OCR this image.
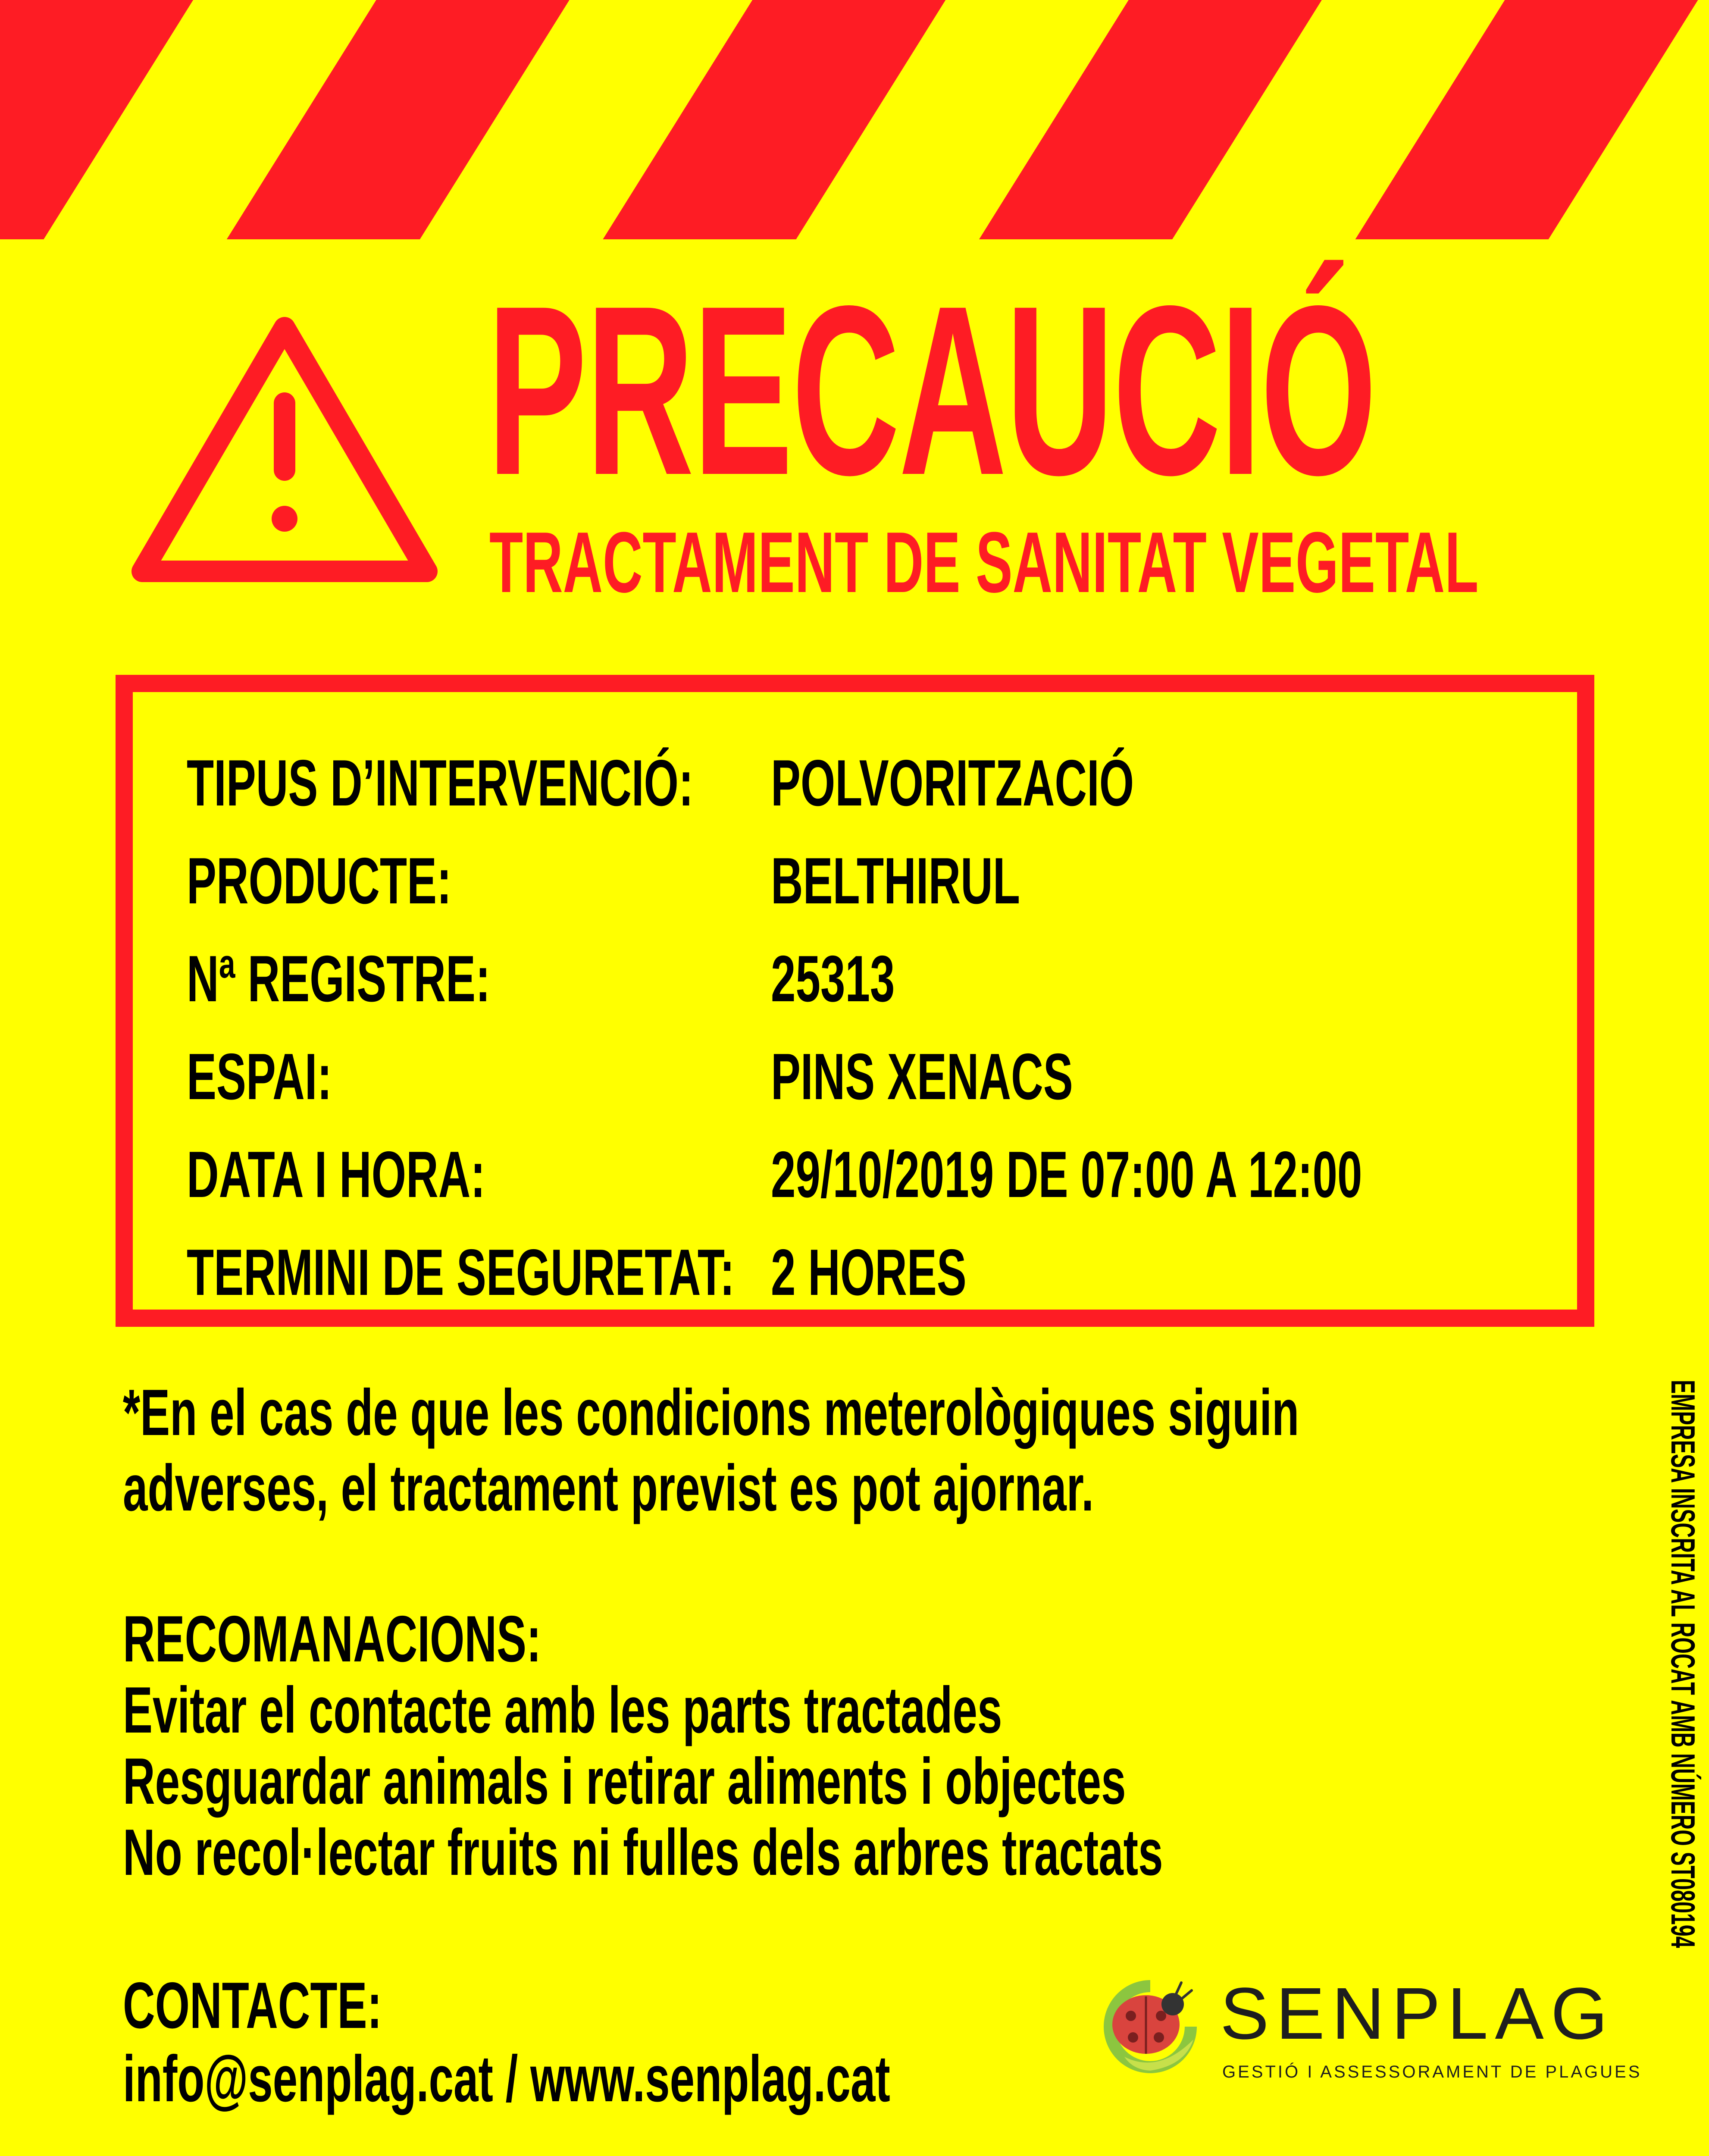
PRECAUCIÓ
TRACTAMENT DE SANITAT VEGETAL
TIPUS D’INTERVENCIÓ: POLVORITZACIÓ
PRODUCTE:	BELTHIRUL
Nª REGISTRE:	25313
ESPAI:	PINS XENACS
DATA I HORA:	29/10/2019 DE 07:00 A 12:00
TERMINI DE SEGURETAT: 2 HORES

*En el cas de que les condicions meterològiques siguin

adverses, el tractament previst es pot ajornar.

RECOMANACIONS:

Evitar el contacte amb les parts tractades

Resguardar animals i retirar aliments i objectes

No recol·lectar fruits ni fulles dels arbres tractats

CONTACTE:

info@senplag.cat / www.senplag.cat

SENPLAG

GESTIÓ I ASSESSORAMENT DE PLAGUES

EMPRESA INSCRITA AL ROCAT AMB NÚMERO ST080194
